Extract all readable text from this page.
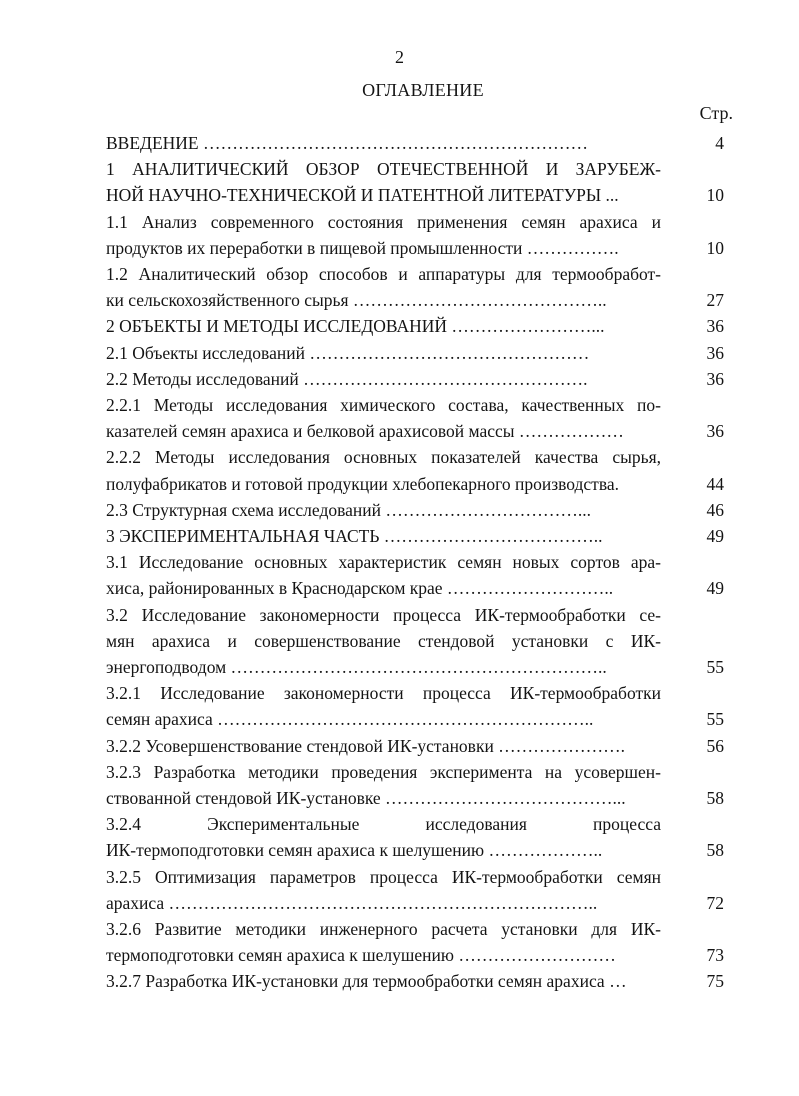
2
ОГЛАВЛЕНИЕ
Стр.
ВВЕДЕНИЕ …………………………………………………………	4
1 АНАЛИТИЧЕСКИЙ ОБЗОР ОТЕЧЕСТВЕННОЙ И ЗАРУБЕЖ-
НОЙ НАУЧНО-ТЕХНИЧЕСКОЙ И ПАТЕНТНОЙ ЛИТЕРАТУРЫ ...	10
1.1 Анализ современного состояния применения семян арахиса и
продуктов их переработки в пищевой промышленности …………….	10
1.2 Аналитический обзор способов и аппаратуры для термообработ-
ки сельскохозяйственного сырья ……………………………………..	27
2 ОБЪЕКТЫ И МЕТОДЫ ИССЛЕДОВАНИЙ ……………………...	36
2.1 Объекты исследований …………………………………………	36
2.2 Методы исследований ………………………………………….	36
2.2.1 Методы исследования химического состава, качественных по-
казателей семян арахиса и белковой арахисовой массы ………………	36
2.2.2 Методы исследования основных показателей качества сырья,
полуфабрикатов и готовой продукции хлебопекарного производства.	44
2.3 Структурная схема исследований ……………………………...	46
3 ЭКСПЕРИМЕНТАЛЬНАЯ ЧАСТЬ ………………………………..	49
3.1 Исследование основных характеристик семян новых сортов ара-
хиса, районированных в Краснодарском крае ………………………..	49
3.2 Исследование закономерности процесса ИК-термообработки се-
мян арахиса и совершенствование стендовой установки с ИК-
энергоподводом ………………………………………………………..	55
3.2.1 Исследование закономерности процесса ИК-термообработки
семян арахиса ………………………………………………………..	55
3.2.2 Усовершенствование стендовой ИК-установки ………………….	56
3.2.3 Разработка методики проведения эксперимента на усовершен-
ствованной стендовой ИК-установке …………………………………...	58
3.2.4 Экспериментальные исследования процесса
ИК-термоподготовки семян арахиса к шелушению ………………..	58
3.2.5 Оптимизация параметров процесса ИК-термообработки семян
арахиса ………………………………………………………………..	72
3.2.6 Развитие методики инженерного расчета установки для ИК-
термоподготовки семян арахиса к шелушению ………………………	73
3.2.7 Разработка ИК-установки для термообработки семян арахиса …	75
